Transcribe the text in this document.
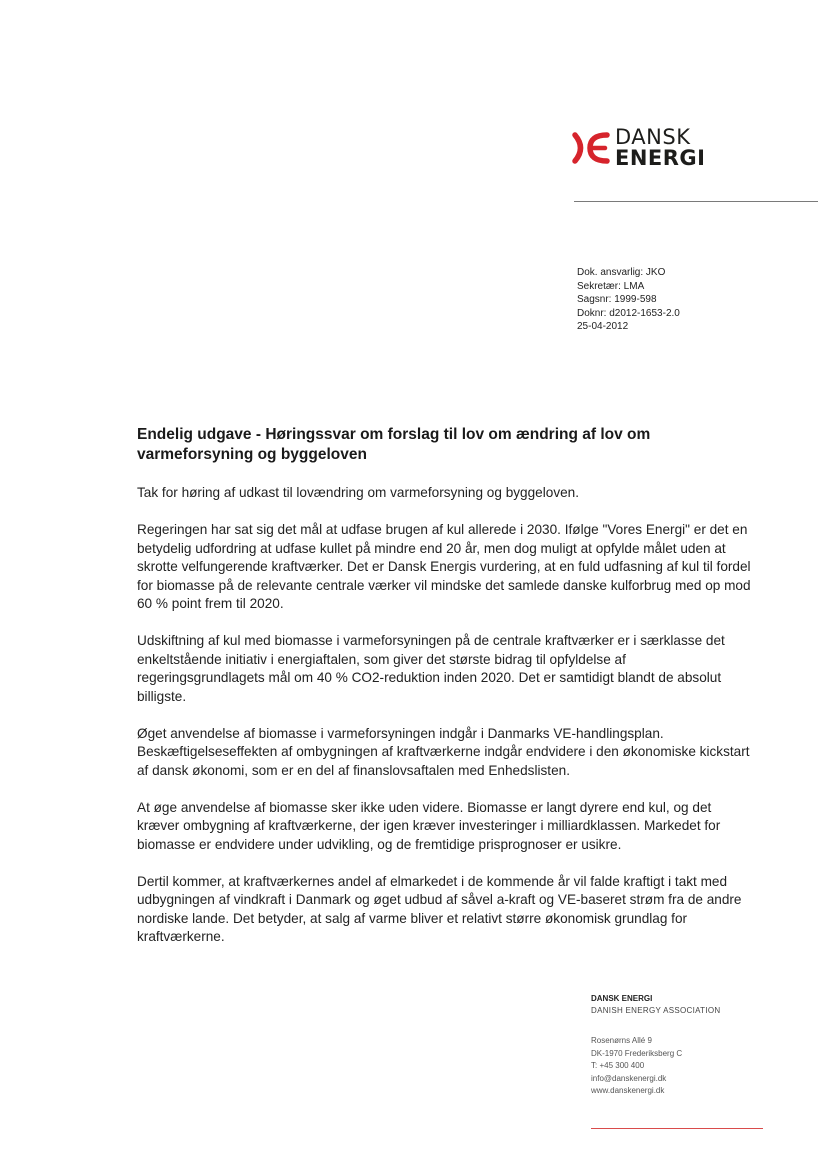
DANSK
ENERGI
Dok. ansvarlig: JKO
Sekretær: LMA
Sagsnr: 1999-598
Doknr: d2012-1653-2.0
25-04-2012
Endelig udgave - Høringssvar om forslag til lov om ændring af lov om varmeforsyning og byggeloven

Tak for høring af udkast til lovændring om varmeforsyning og byggeloven.

Regeringen har sat sig det mål at udfase brugen af kul allerede i 2030. Ifølge "Vores Energi" er det en betydelig udfordring at udfase kullet på mindre end 20 år, men dog muligt at opfylde målet uden at skrotte velfungerende kraftværker. Det er Dansk Energis vurdering, at en fuld udfasning af kul til fordel for biomasse på de relevante centrale værker vil mindske det samlede danske kulforbrug med op mod 60 % point frem til 2020.

Udskiftning af kul med biomasse i varmeforsyningen på de centrale kraftværker er i særklasse det enkeltstående initiativ i energiaftalen, som giver det største bidrag til opfyldelse af regeringsgrundlagets mål om 40 % CO2-reduktion inden 2020. Det er samtidigt blandt de absolut billigste.

Øget anvendelse af biomasse i varmeforsyningen indgår i Danmarks VE-handlingsplan. Beskæftigelseseffekten af ombygningen af kraftværkerne indgår endvidere i den økonomiske kickstart af dansk økonomi, som er en del af finanslovsaftalen med Enhedslisten.

At øge anvendelse af biomasse sker ikke uden videre. Biomasse er langt dyrere end kul, og det kræver ombygning af kraftværkerne, der igen kræver investeringer i milliardklassen. Markedet for biomasse er endvidere under udvikling, og de fremtidige prisprognoser er usikre.

Dertil kommer, at kraftværkernes andel af elmarkedet i de kommende år vil falde kraftigt i takt med udbygningen af vindkraft i Danmark og øget udbud af såvel a-kraft og VE-baseret strøm fra de andre nordiske lande. Det betyder, at salg af varme bliver et relativt større økonomisk grundlag for kraftværkerne.

DANSK ENERGI
DANISH ENERGY ASSOCIATION
Rosenørns Allé 9
DK-1970 Frederiksberg C
T: +45 300 400
info@danskenergi.dk
www.danskenergi.dk
